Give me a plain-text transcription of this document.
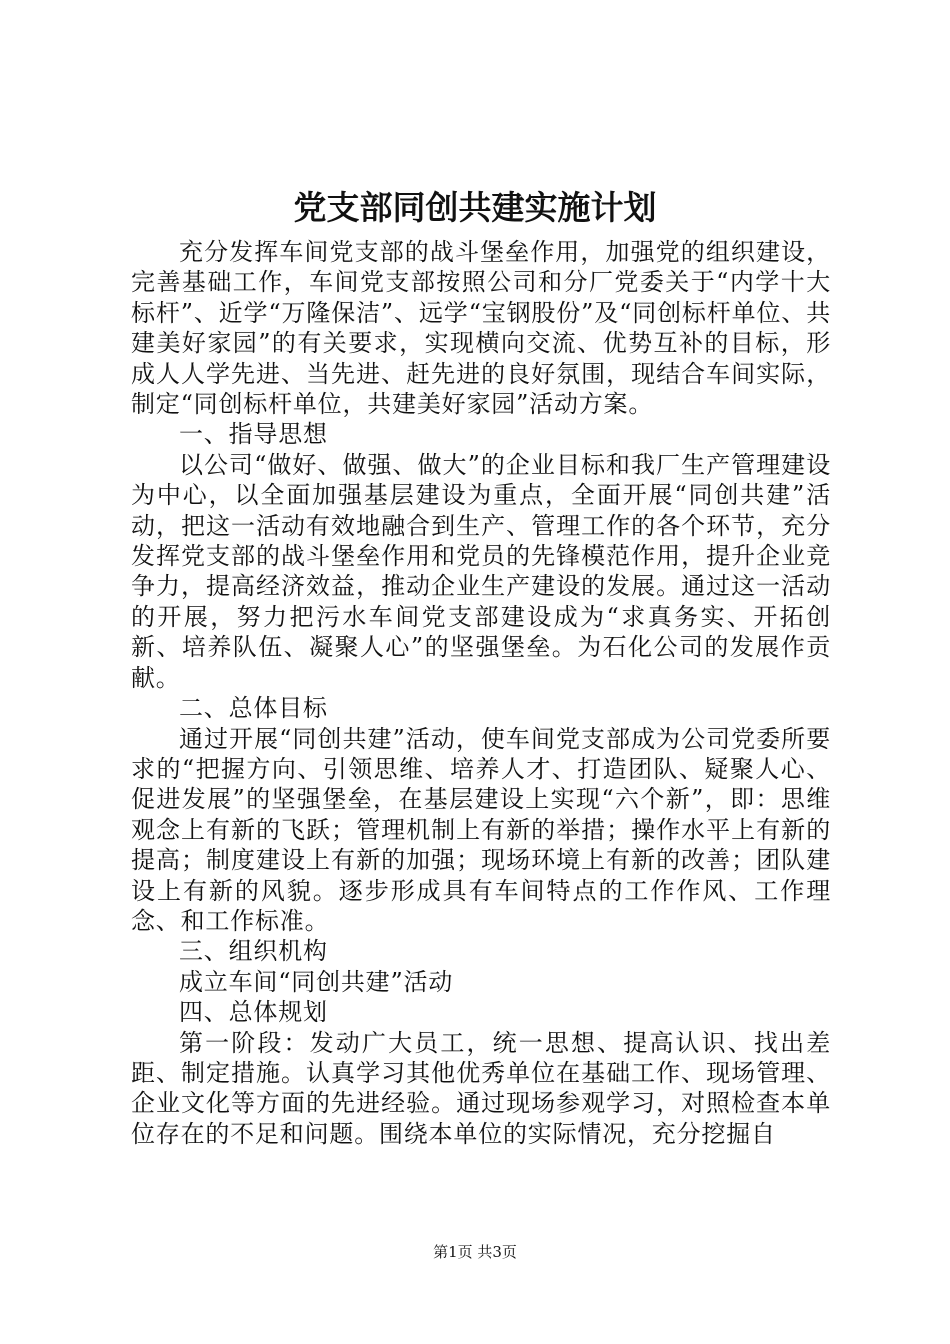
党支部同创共建实施计划

充分发挥车间党支部的战斗堡垒作用，加强党的组织建设，完善基础工作，车间党支部按照公司和分厂党委关于“内学十大标杆”、近学“万隆保洁”、远学“宝钢股份”及“同创标杆单位、共建美好家园”的有关要求，实现横向交流、优势互补的目标，形成人人学先进、当先进、赶先进的良好氛围，现结合车间实际，制定“同创标杆单位，共建美好家园”活动方案。

一、指导思想

以公司“做好、做强、做大”的企业目标和我厂生产管理建设为中心，以全面加强基层建设为重点，全面开展“同创共建”活动，把这一活动有效地融合到生产、管理工作的各个环节，充分发挥党支部的战斗堡垒作用和党员的先锋模范作用，提升企业竞争力，提高经济效益，推动企业生产建设的发展。通过这一活动的开展，努力把污水车间党支部建设成为“求真务实、开拓创新、培养队伍、凝聚人心”的坚强堡垒。为石化公司的发展作贡献。

二、总体目标

通过开展“同创共建”活动，使车间党支部成为公司党委所要求的“把握方向、引领思维、培养人才、打造团队、疑聚人心、促进发展”的坚强堡垒，在基层建设上实现“六个新”，即：思维观念上有新的飞跃；管理机制上有新的举措；操作水平上有新的提高；制度建设上有新的加强；现场环境上有新的改善；团队建设上有新的风貌。逐步形成具有车间特点的工作作风、工作理念、和工作标准。

三、组织机构

成立车间“同创共建”活动

四、总体规划

第一阶段：发动广大员工，统一思想、提高认识、找出差距、制定措施。认真学习其他优秀单位在基础工作、现场管理、企业文化等方面的先进经验。通过现场参观学习，对照检查本单位存在的不足和问题。围绕本单位的实际情况，充分挖掘自

第1页 共3页
